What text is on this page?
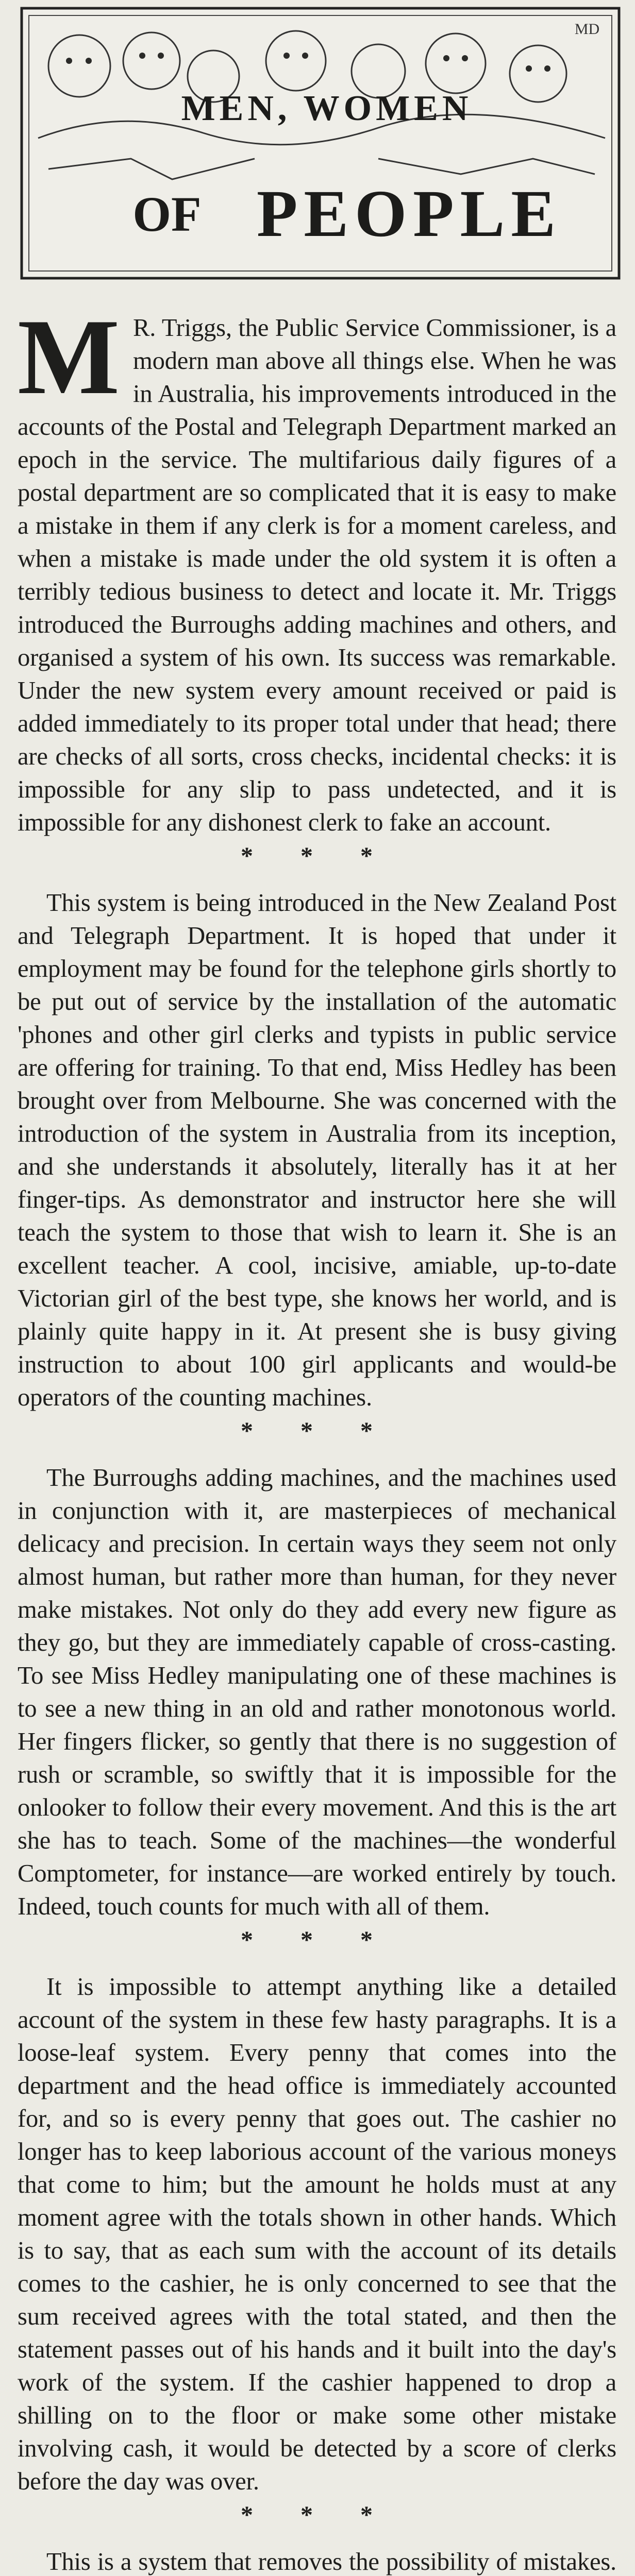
MEN, WOMEN
OF PEOPLE
MD

M R. Triggs, the Public Service Commissioner, is a modern man above all things else. When he was in Australia, his improvements introduced in the accounts of the Postal and Telegraph Department marked an epoch in the service. The multifarious daily figures of a postal department are so complicated that it is easy to make a mistake in them if any clerk is for a moment careless, and when a mistake is made under the old system it is often a terribly tedious business to detect and locate it. Mr. Triggs introduced the Burroughs adding machines and others, and organised a system of his own. Its success was remarkable. Under the new system every amount received or paid is added immediately to its proper total under that head; there are checks of all sorts, cross checks, incidental checks: it is impossible for any slip to pass undetected, and it is impossible for any dishonest clerk to fake an account.

* * *

This system is being introduced in the New Zealand Post and Telegraph Department. It is hoped that under it employment may be found for the telephone girls shortly to be put out of service by the installation of the automatic 'phones and other girl clerks and typists in public service are offering for training. To that end, Miss Hedley has been brought over from Melbourne. She was concerned with the introduction of the system in Australia from its inception, and she understands it absolutely, literally has it at her finger-tips. As demonstrator and instructor here she will teach the system to those that wish to learn it. She is an excellent teacher. A cool, incisive, amiable, up-to-date Victorian girl of the best type, she knows her world, and is plainly quite happy in it. At present she is busy giving instruction to about 100 girl applicants and would-be operators of the counting machines.

* * *

The Burroughs adding machines, and the machines used in conjunction with it, are masterpieces of mechanical delicacy and precision. In certain ways they seem not only almost human, but rather more than human, for they never make mistakes. Not only do they add every new figure as they go, but they are immediately capable of cross-casting. To see Miss Hedley manipulating one of these machines is to see a new thing in an old and rather monotonous world. Her fingers flicker, so gently that there is no suggestion of rush or scramble, so swiftly that it is impossible for the onlooker to follow their every movement. And this is the art she has to teach. Some of the machines—the wonderful Comptometer, for instance—are worked entirely by touch. Indeed, touch counts for much with all of them.

* * *

It is impossible to attempt anything like a detailed account of the system in these few hasty paragraphs. It is a loose-leaf system. Every penny that comes into the department and the head office is immediately accounted for, and so is every penny that goes out. The cashier no longer has to keep laborious account of the various moneys that come to him; but the amount he holds must at any moment agree with the totals shown in other hands. Which is to say, that as each sum with the account of its details comes to the cashier, he is only concerned to see that the sum received agrees with the total stated, and then the statement passes out of his hands and it built into the day's work of the system. If the cashier happened to drop a shilling on to the floor or make some other mistake involving cash, it would be detected by a score of clerks before the day was over.

* * *

This is a system that removes the possibility of mistakes.
